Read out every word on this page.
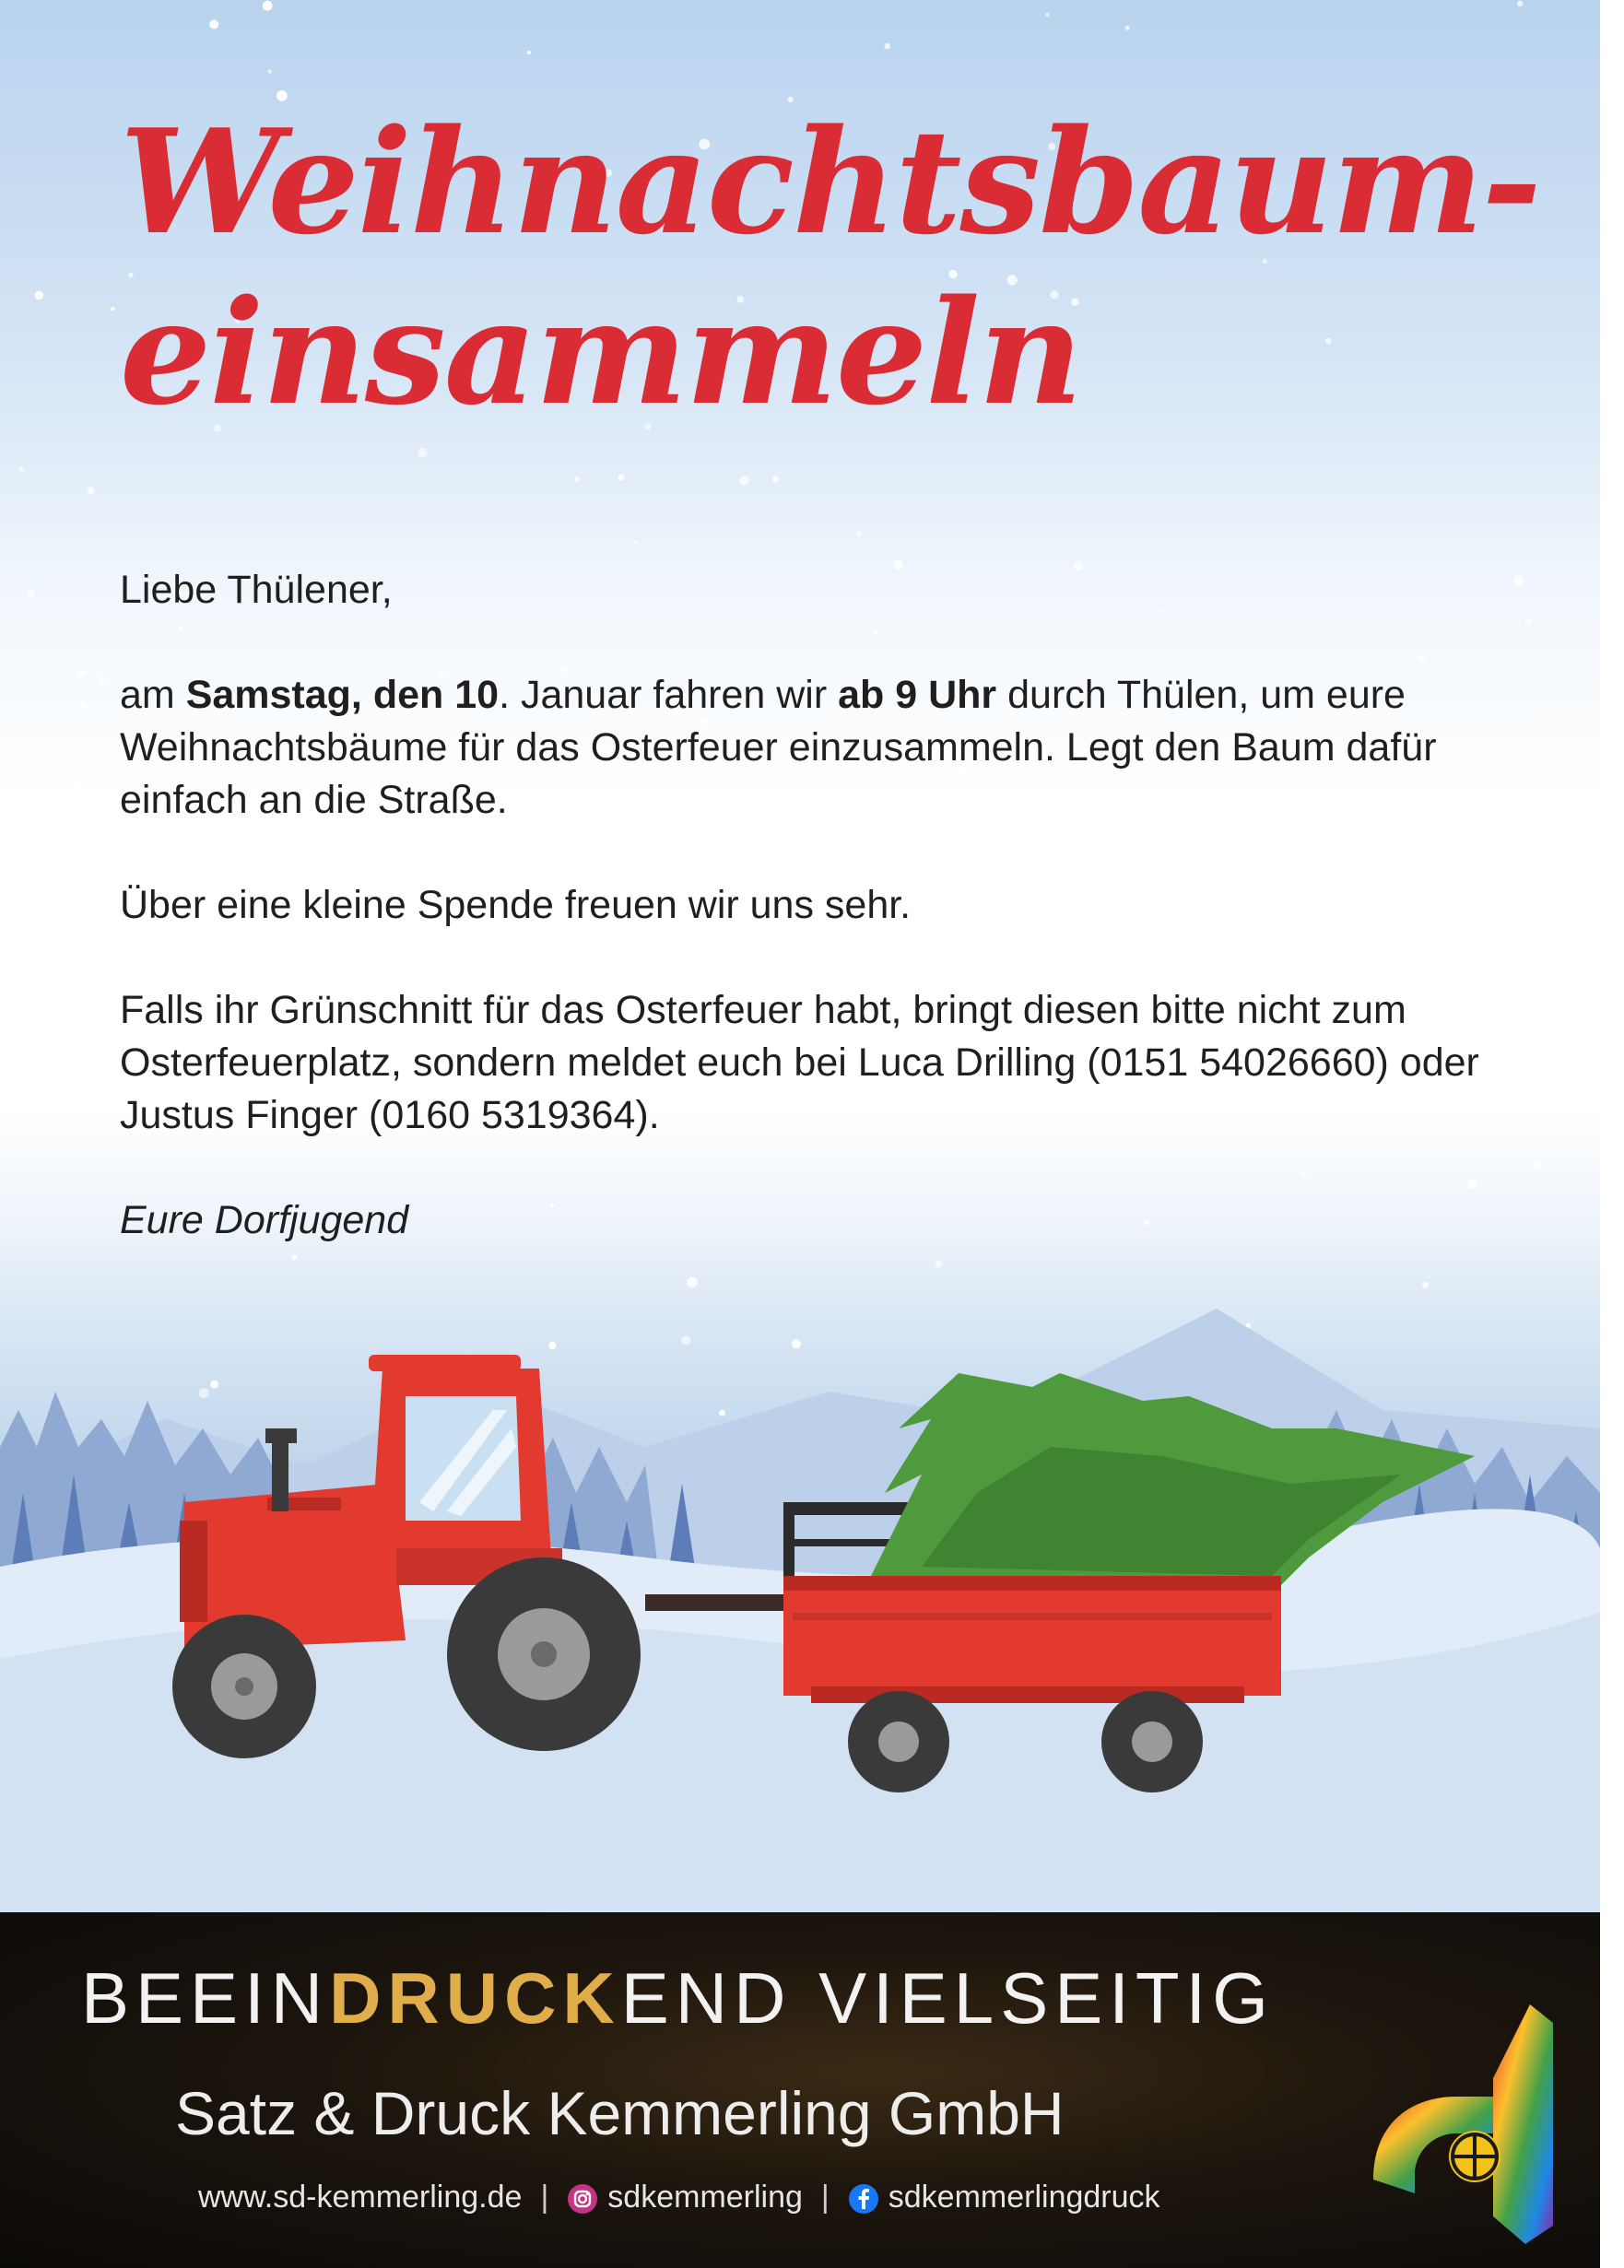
Weihnachtsbaum-
einsammeln

Liebe Thülener,

am Samstag, den 10. Januar fahren wir ab 9 Uhr durch Thülen, um eure Weihnachtsbäume für das Osterfeuer einzusammeln. Legt den Baum dafür einfach an die Straße.

Über eine kleine Spende freuen wir uns sehr.

Falls ihr Grünschnitt für das Osterfeuer habt, bringt diesen bitte nicht zum Osterfeuerplatz, sondern meldet euch bei Luca Drilling (0151 54026660) oder Justus Finger (0160 5319364).

Eure Dorfjugend

BEEINDRUCKEND VIELSEITIG
Satz & Druck Kemmerling GmbH
www.sd-kemmerling.de |	sdkemmerling |	sdkemmerlingdruck
